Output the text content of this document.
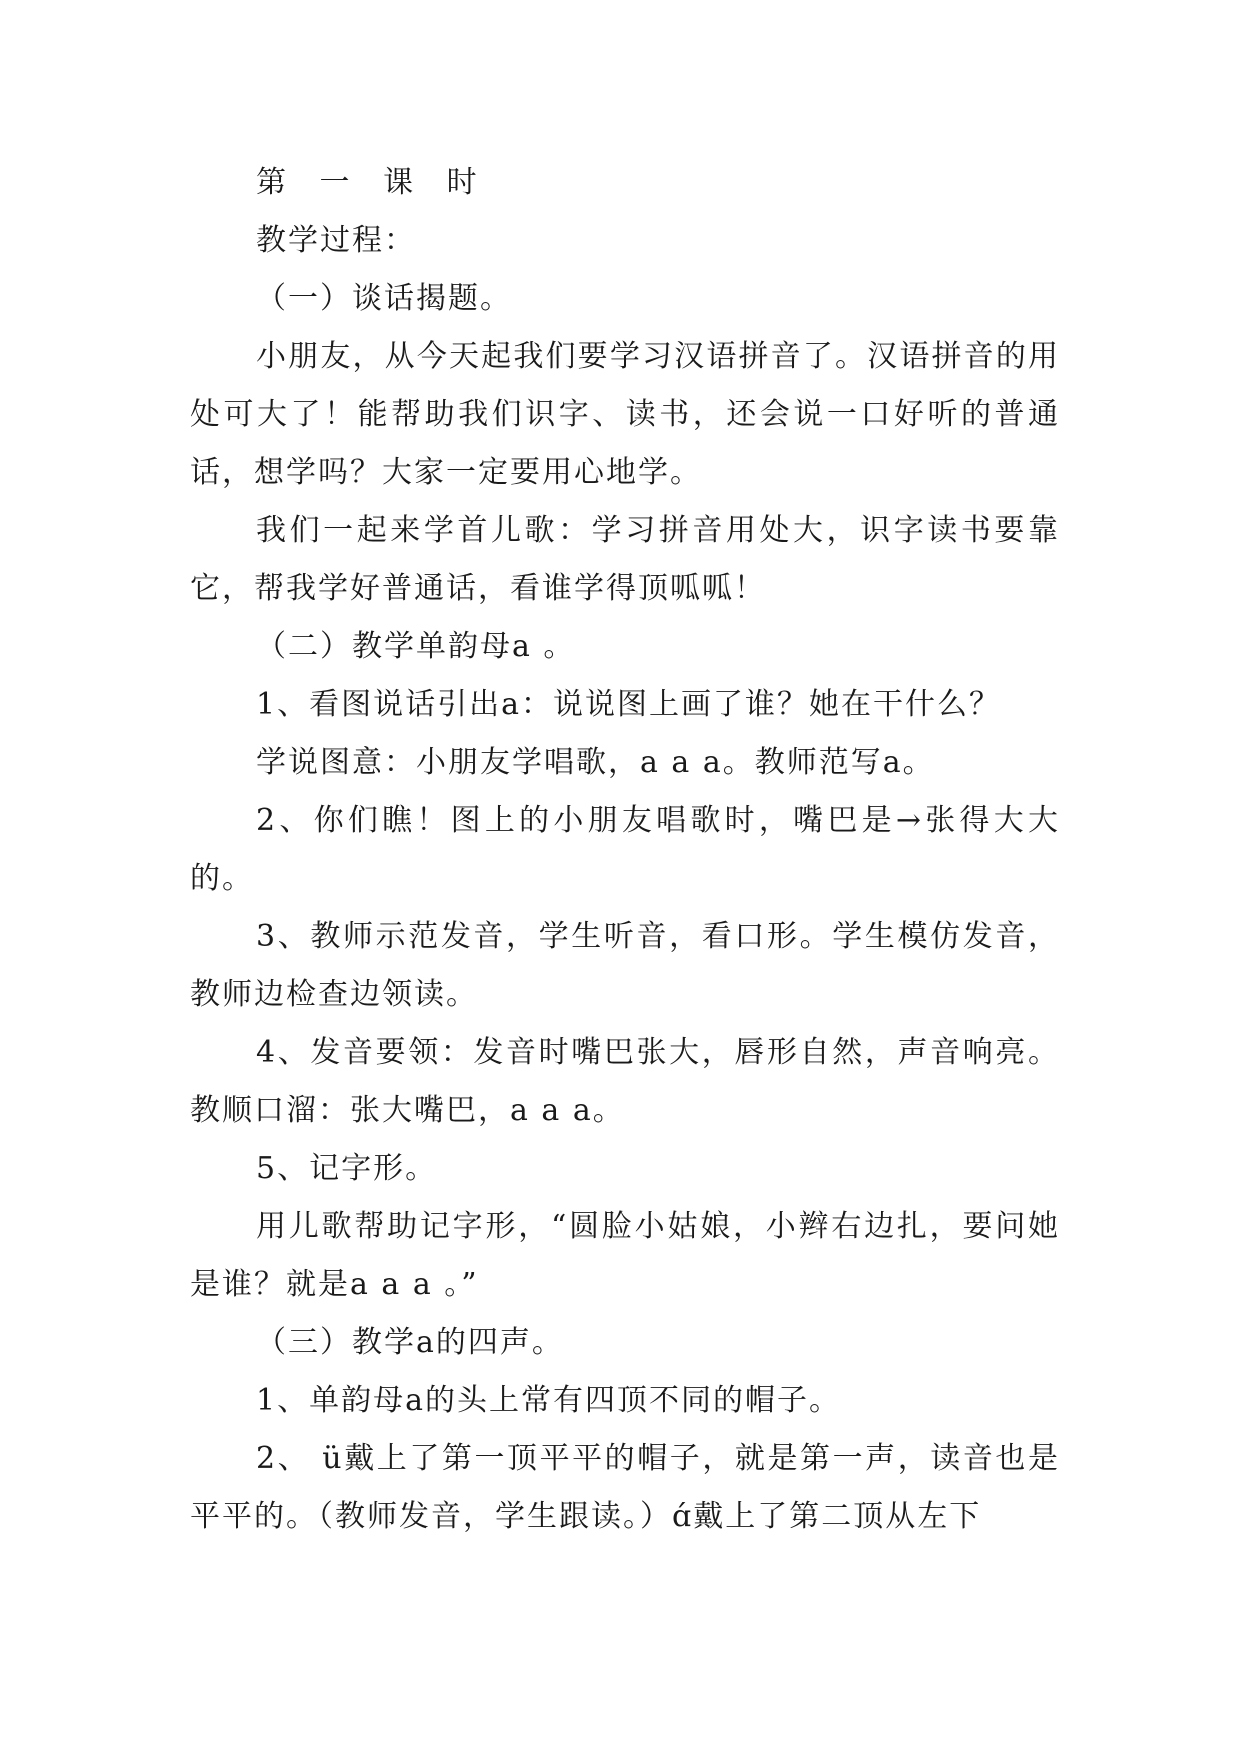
第 一 课 时

教学过程：

（一）谈话揭题。

小朋友，从今天起我们要学习汉语拼音了。汉语拼音的用处可大了！能帮助我们识字、读书，还会说一口好听的普通话，想学吗？大家一定要用心地学。

我们一起来学首儿歌：学习拼音用处大，识字读书要靠它，帮我学好普通话，看谁学得顶呱呱！

（二）教学单韵母a 。

1、看图说话引出a：说说图上画了谁？她在干什么？

学说图意：小朋友学唱歌，a a a。教师范写a。

2、你们瞧！图上的小朋友唱歌时，嘴巴是→张得大大的。

3、教师示范发音，学生听音，看口形。学生模仿发音，教师边检查边领读。

4、发音要领：发音时嘴巴张大，唇形自然，声音响亮。教顺口溜：张大嘴巴，a a a。

5、记字形。

用儿歌帮助记字形，“圆脸小姑娘，小辫右边扎，要问她是谁？就是a a a 。”

（三）教学a的四声。

1、单韵母a的头上常有四顶不同的帽子。

2、 ü戴上了第一顶平平的帽子，就是第一声，读音也是平平的。（教师发音，学生跟读。）ɑ́戴上了第二顶从左下
